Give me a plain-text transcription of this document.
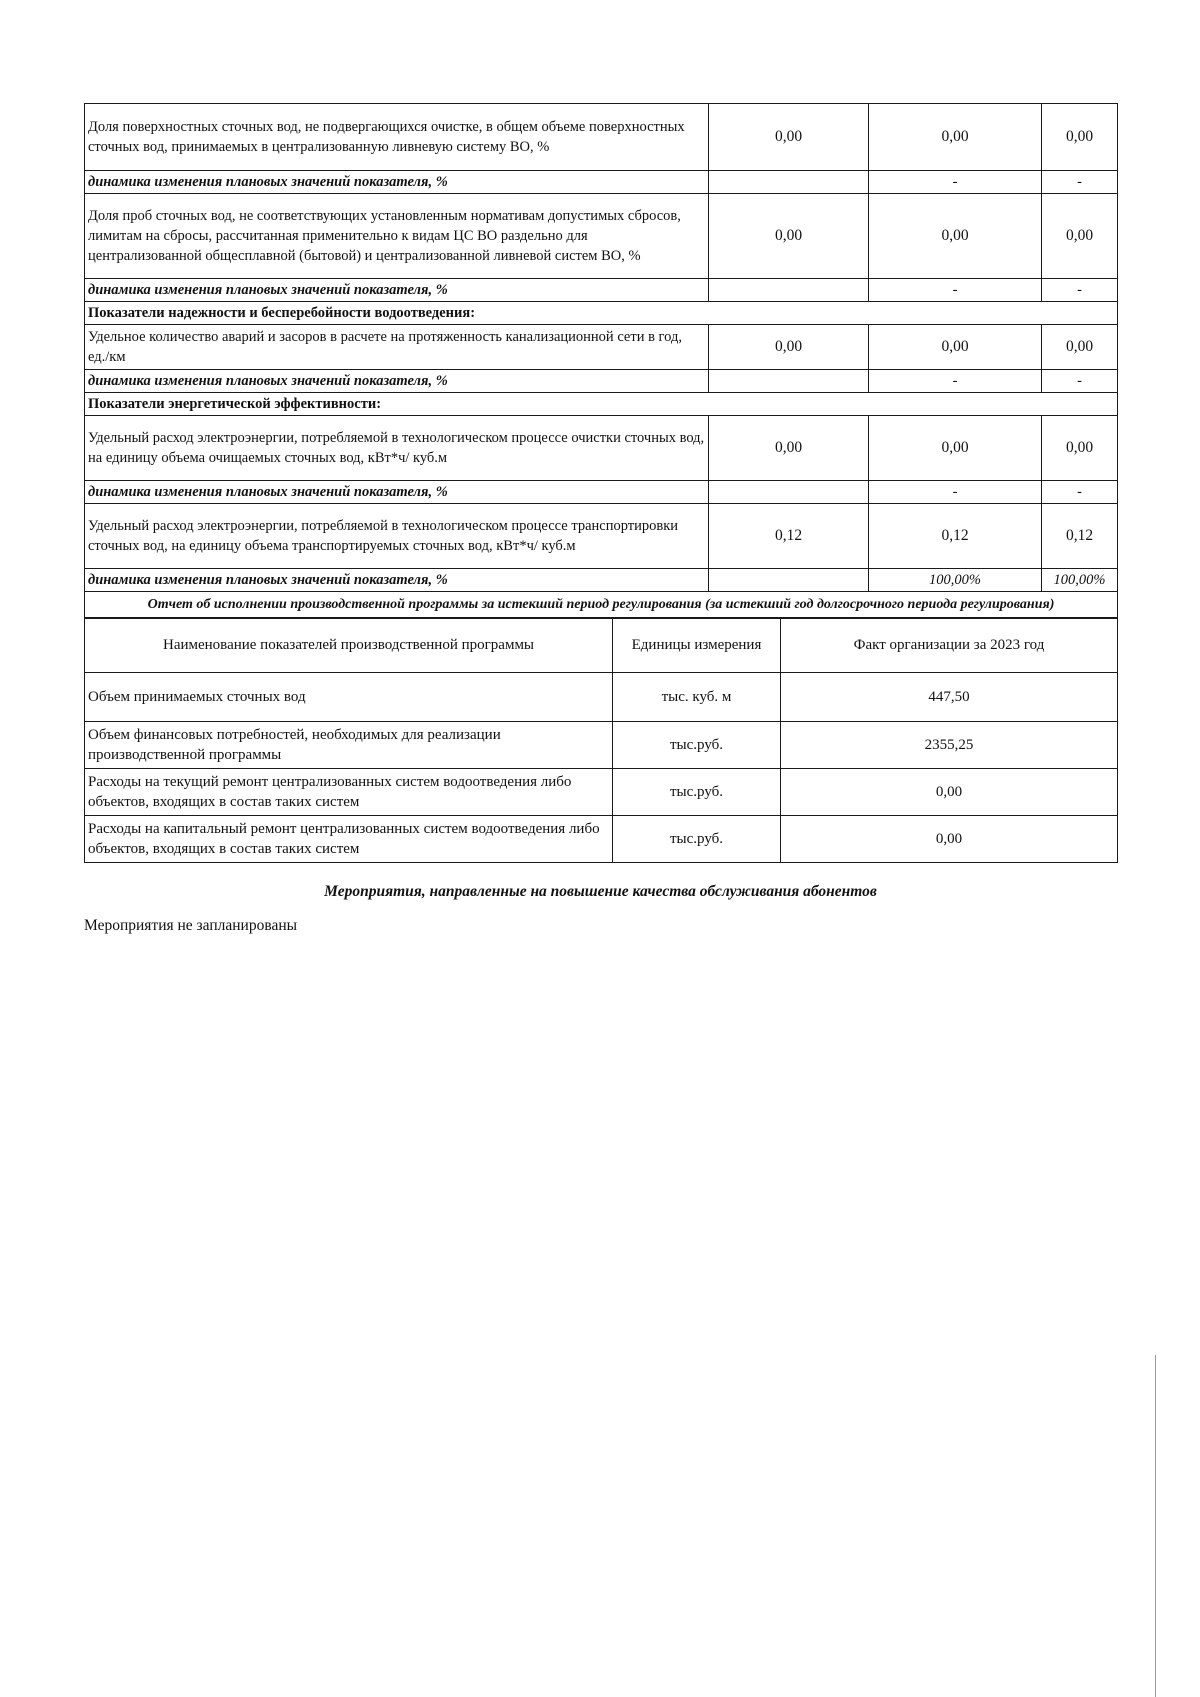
Доля поверхностных сточных вод, не подвергающихся очистке, в общем объеме поверхностных сточных вод, принимаемых в централизованную ливневую систему ВО, %	0,00	0,00	0,00
динамика изменения плановых значений показателя, %		-	-
Доля проб сточных вод, не соответствующих установленным нормативам допустимых сбросов, лимитам на сбросы, рассчитанная применительно к видам ЦС ВО раздельно для централизованной общесплавной (бытовой) и централизованной ливневой систем ВО, %	0,00	0,00	0,00
динамика изменения плановых значений показателя, %		-	-
Показатели надежности и бесперебойности водоотведения:			
Удельное количество аварий и засоров в расчете на протяженность канализационной сети в год, ед./км	0,00	0,00	0,00
динамика изменения плановых значений показателя, %		-	-
Показатели энергетической эффективности:			
Удельный расход электроэнергии, потребляемой в технологическом процессе очистки сточных вод, на единицу объема очищаемых сточных вод, кВт*ч/ куб.м	0,00	0,00	0,00
динамика изменения плановых значений показателя, %		-	-
Удельный расход электроэнергии, потребляемой в технологическом процессе транспортировки сточных вод, на единицу объема транспортируемых сточных вод, кВт*ч/ куб.м	0,12	0,12	0,12
динамика изменения плановых значений показателя, %		100,00%	100,00%
Отчет об исполнении производственной программы за истекший период регулирования (за истекший год долгосрочного периода регулирования)			
Наименование показателей производственной программы	Единицы измерения	Факт организации за 2023 год
Объем принимаемых сточных вод	тыс. куб. м	447,50
Объем финансовых потребностей, необходимых для реализации производственной программы	тыс.руб.	2355,25
Расходы на текущий ремонт централизованных систем водоотведения либо объектов, входящих в состав таких систем	тыс.руб.	0,00
Расходы на капитальный ремонт централизованных систем водоотведения либо объектов, входящих в состав таких систем	тыс.руб.	0,00
Мероприятия, направленные на повышение качества обслуживания абонентов
Мероприятия не запланированы
